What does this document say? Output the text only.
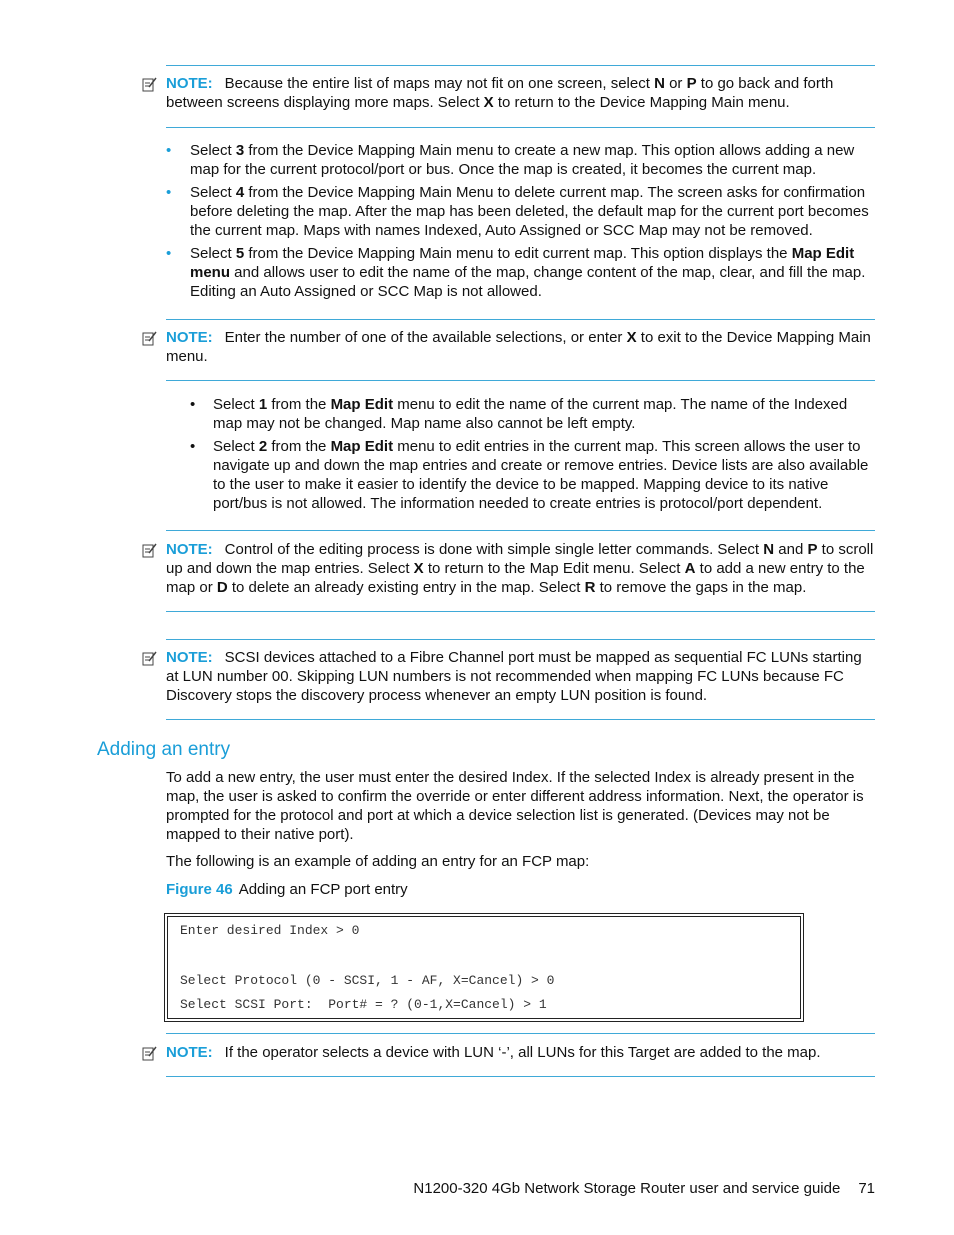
NOTE: Because the entire list of maps may not fit on one screen, select N or P to go back and forth between screens displaying more maps. Select X to return to the Device Mapping Main menu.
• Select 3 from the Device Mapping Main menu to create a new map. This option allows adding a new map for the current protocol/port or bus. Once the map is created, it becomes the current map.
• Select 4 from the Device Mapping Main Menu to delete current map. The screen asks for confirmation before deleting the map. After the map has been deleted, the default map for the current port becomes the current map. Maps with names Indexed, Auto Assigned or SCC Map may not be removed.
• Select 5 from the Device Mapping Main menu to edit current map. This option displays the Map Edit menu and allows user to edit the name of the map, change content of the map, clear, and fill the map. Editing an Auto Assigned or SCC Map is not allowed.
NOTE: Enter the number of one of the available selections, or enter X to exit to the Device Mapping Main menu.
• Select 1 from the Map Edit menu to edit the name of the current map. The name of the Indexed map may not be changed. Map name also cannot be left empty.
• Select 2 from the Map Edit menu to edit entries in the current map. This screen allows the user to navigate up and down the map entries and create or remove entries. Device lists are also available to the user to make it easier to identify the device to be mapped. Mapping device to its native port/bus is not allowed. The information needed to create entries is protocol/port dependent.
NOTE: Control of the editing process is done with simple single letter commands. Select N and P to scroll up and down the map entries. Select X to return to the Map Edit menu. Select A to add a new entry to the map or D to delete an already existing entry in the map. Select R to remove the gaps in the map.
NOTE: SCSI devices attached to a Fibre Channel port must be mapped as sequential FC LUNs starting at LUN number 00. Skipping LUN numbers is not recommended when mapping FC LUNs because FC Discovery stops the discovery process whenever an empty LUN position is found.
Adding an entry
To add a new entry, the user must enter the desired Index. If the selected Index is already present in the map, the user is asked to confirm the override or enter different address information. Next, the operator is prompted for the protocol and port at which a device selection list is generated. (Devices may not be mapped to their native port).
The following is an example of adding an entry for an FCP map:
Figure 46 Adding an FCP port entry
Enter desired Index > 0
Select Protocol (0 - SCSI, 1 - AF, X=Cancel) > 0
Select SCSI Port:  Port# = ? (0-1,X=Cancel) > 1
NOTE: If the operator selects a device with LUN ‘-’, all LUNs for this Target are added to the map.
N1200-320 4Gb Network Storage Router user and service guide 71
